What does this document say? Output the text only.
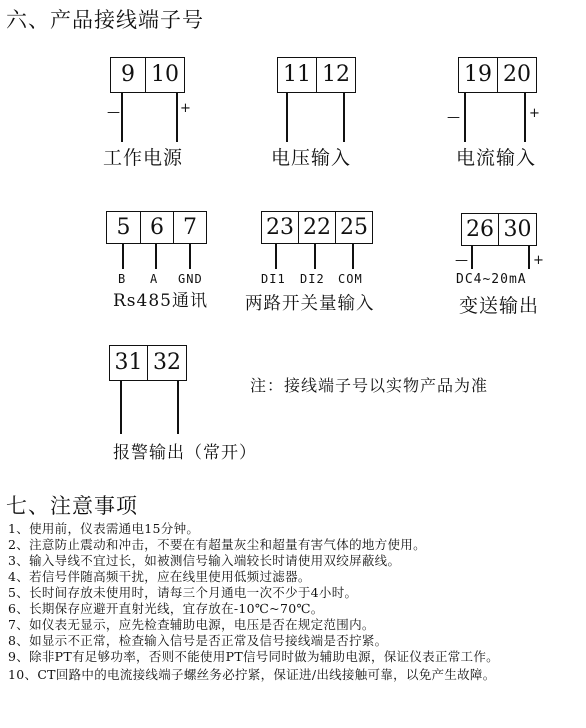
六、产品接线端子号
9 10
—	+
工作电源
11 12
电压输入
19 20
—	+
电流输入
5 6 7
B A GND
Rs485通讯
23 22 25
DI1 DI2 COM
两路开关量输入
26 30
—	+
DC4~20mA
变送输出
31 32
报警输出（常开）
注：接线端子号以实物产品为准
七、注意事项
1、 使用前，仪表需通电15分钟。
2、 注意防止震动和冲击，不要在有超量灰尘和超量有害气体的地方使用。
3、 输入导线不宜过长，如被测信号输入端较长时请使用双绞屏蔽线。
4、 若信号伴随高频干扰，应在线里使用低频过滤器。
5、 长时间存放未使用时，请每三个月通电一次不少于4小时。
6、 长期保存应避开直射光线，宜存放在-10℃~70℃。
7、 如仪表无显示，应先检查辅助电源，电压是否在规定范围内。
8、 如显示不正常，检查输入信号是否正常及信号接线端是否拧紧。
9、 除非PT有足够功率，否则不能使用PT信号同时做为辅助电源，保证仪表正常工作。
10、 CT回路中的电流接线端子螺丝务必拧紧，保证进/出线接触可靠，以免产生故障。
